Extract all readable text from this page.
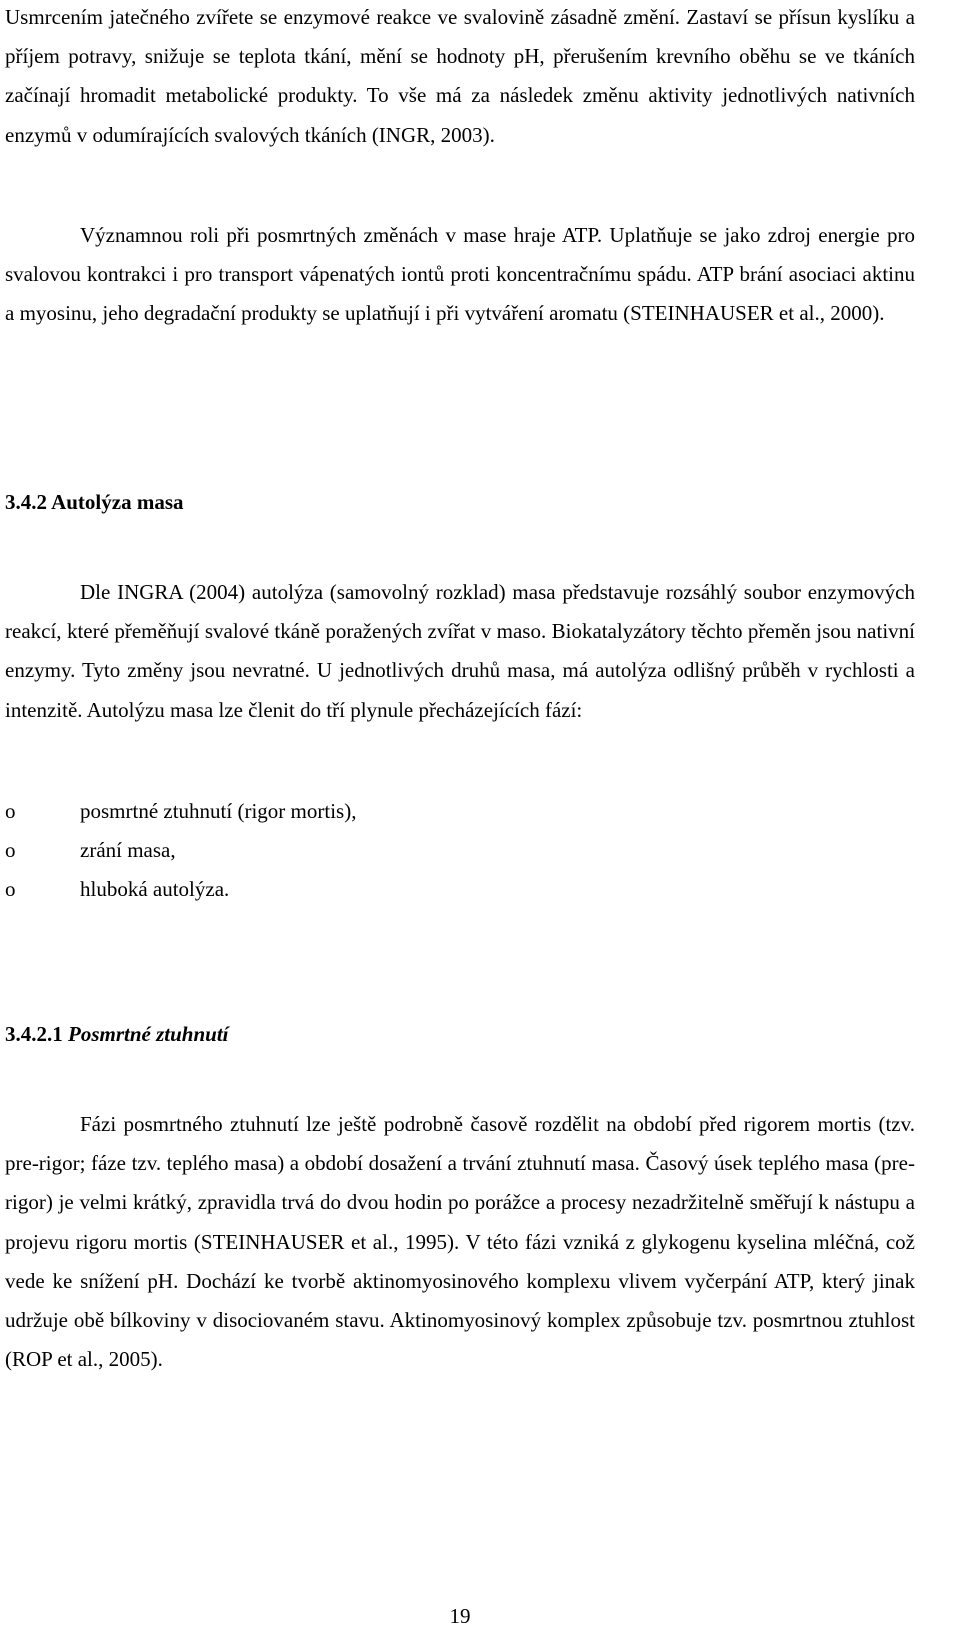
Usmrcením jatečného zvířete se enzymové reakce ve svalovině zásadně změní. Zastaví se přísun kyslíku a příjem potravy, snižuje se teplota tkání, mění se hodnoty pH, přerušením krevního oběhu se ve tkáních začínají hromadit metabolické produkty. To vše má za následek změnu aktivity jednotlivých nativních enzymů v odumírajících svalových tkáních (INGR, 2003).

Významnou roli při posmrtných změnách v mase hraje ATP. Uplatňuje se jako zdroj energie pro svalovou kontrakci i pro transport vápenatých iontů proti koncentračnímu spádu. ATP brání asociaci aktinu a myosinu, jeho degradační produkty se uplatňují i při vytváření aromatu (STEINHAUSER et al., 2000).

3.4.2 Autolýza masa

Dle INGRA (2004) autolýza (samovolný rozklad) masa představuje rozsáhlý soubor enzymových reakcí, které přeměňují svalové tkáně poražených zvířat v maso. Biokatalyzátory těchto přeměn jsou nativní enzymy. Tyto změny jsou nevratné. U jednotlivých druhů masa, má autolýza odlišný průběh v rychlosti a intenzitě. Autolýzu masa lze členit do tří plynule přecházejících fází:

o	posmrtné ztuhnutí (rigor mortis),
o	zrání masa,
o	hluboká autolýza.
3.4.2.1 Posmrtné ztuhnutí

Fázi posmrtného ztuhnutí lze ještě podrobně časově rozdělit na období před rigorem mortis (tzv. pre-rigor; fáze tzv. teplého masa) a období dosažení a trvání ztuhnutí masa. Časový úsek teplého masa (pre-rigor) je velmi krátký, zpravidla trvá do dvou hodin po porážce a procesy nezadržitelně směřují k nástupu a projevu rigoru mortis (STEINHAUSER et al., 1995). V této fázi vzniká z glykogenu kyselina mléčná, což vede ke snížení pH. Dochází ke tvorbě aktinomyosinového komplexu vlivem vyčerpání ATP, který jinak udržuje obě bílkoviny v disociovaném stavu. Aktinomyosinový komplex způsobuje tzv. posmrtnou ztuhlost (ROP et al., 2005).

19
